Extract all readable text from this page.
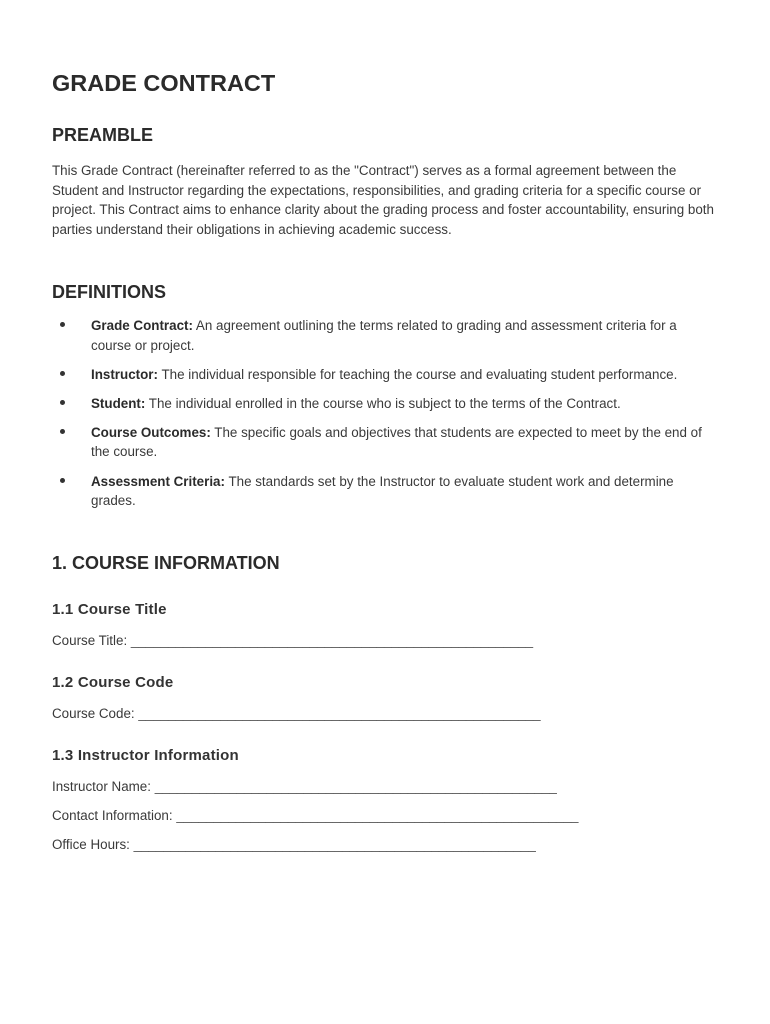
GRADE CONTRACT
PREAMBLE

This Grade Contract (hereinafter referred to as the "Contract") serves as a formal agreement between the Student and Instructor regarding the expectations, responsibilities, and grading criteria for a specific course or project. This Contract aims to enhance clarity about the grading process and foster accountability, ensuring both parties understand their obligations in achieving academic success.

DEFINITIONS
Grade Contract: An agreement outlining the terms related to grading and assessment criteria for a course or project.
Instructor: The individual responsible for teaching the course and evaluating student performance.
Student: The individual enrolled in the course who is subject to the terms of the Contract.
Course Outcomes: The specific goals and objectives that students are expected to meet by the end of the course.
Assessment Criteria: The standards set by the Instructor to evaluate student work and determine grades.
1. COURSE INFORMATION
1.1 Course Title
Course Title: ______________________________________________________
1.2 Course Code
Course Code: ______________________________________________________
1.3 Instructor Information
Instructor Name: ______________________________________________________
Contact Information: ______________________________________________________
Office Hours: ______________________________________________________
